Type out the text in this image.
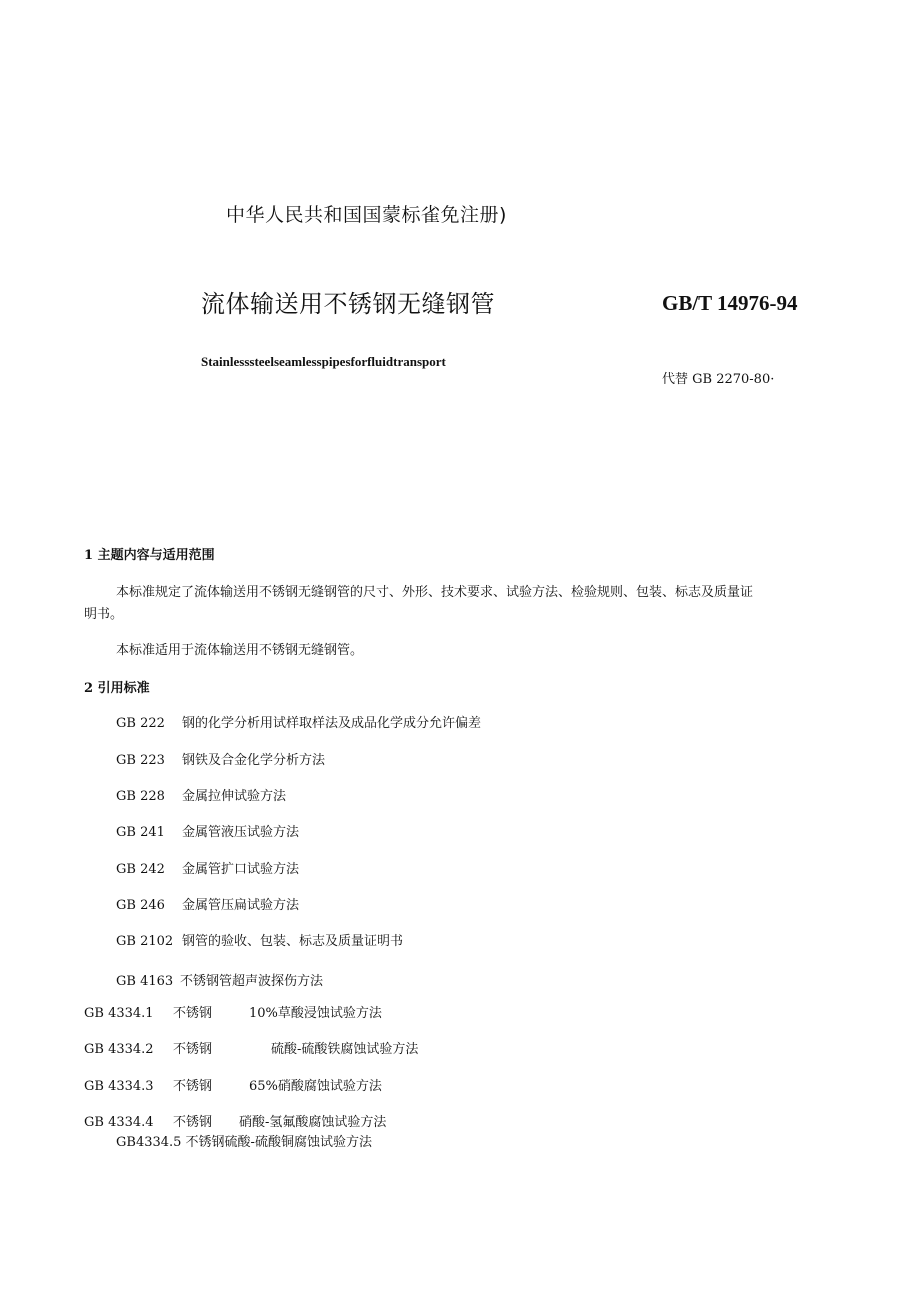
中华人民共和国国蒙标雀免注册)
流体输送用不锈钢无缝钢管	GB/T 14976-94
Stainlesssteelseamlesspipesforfluidtransport
代替 GB 2270-80·
1 主题内容与适用范围
本标准规定了流体输送用不锈钢无缝钢管的尺寸、外形、技术要求、试验方法、检验规则、包装、标志及质量证
明书。
本标准适用于流体输送用不锈钢无缝钢管。
2 引用标准
GB 222 钢的化学分析用试样取样法及成品化学成分允许偏差
GB 223 钢铁及合金化学分析方法
GB 228 金属拉伸试验方法
GB 241 金属管液压试验方法
GB 242 金属管扩口试验方法
GB 246 金属管压扁试验方法
GB 2102 钢管的验收、包装、标志及质量证明书
GB 4163 不锈钢管超声波探伤方法
GB 4334.1 不锈钢	10%草酸浸蚀试验方法
GB 4334.2 不锈钢	硫酸-硫酸铁腐蚀试验方法
GB 4334.3 不锈钢	65%硝酸腐蚀试验方法
GB 4334.4 不锈钢 硝酸-氢氟酸腐蚀试验方法
GB4334.5 不锈钢硫酸-硫酸铜腐蚀试验方法
